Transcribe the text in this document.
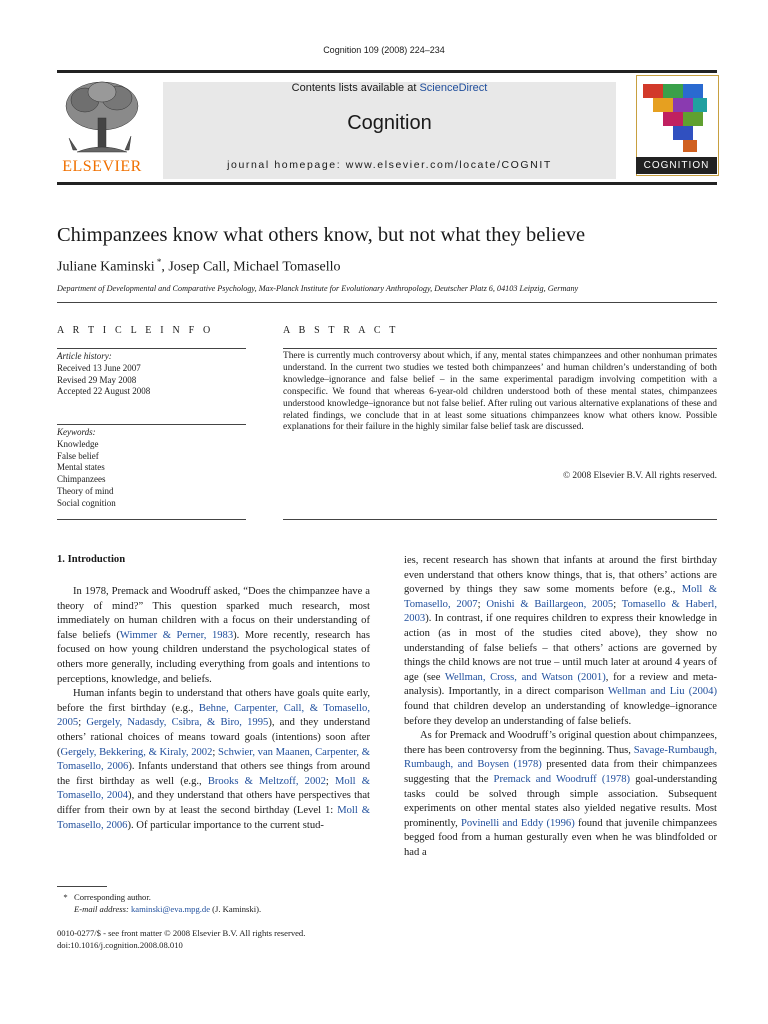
Cognition 109 (2008) 224–234
ELSEVIER
Contents lists available at ScienceDirect
Cognition
journal homepage: www.elsevier.com/locate/COGNIT	COGNITION
Chimpanzees know what others know, but not what they believe
Juliane Kaminski *, Josep Call, Michael Tomasello
Department of Developmental and Comparative Psychology, Max-Planck Institute for Evolutionary Anthropology, Deutscher Platz 6, 04103 Leipzig, Germany
A R T I C L E I N F O
Article history:
Received 13 June 2007
Revised 29 May 2008
Accepted 22 August 2008
Keywords:
Knowledge
False belief
Mental states
Chimpanzees
Theory of mind
Social cognition
A B S T R A C T
There is currently much controversy about which, if any, mental states chimpanzees and other nonhuman primates understand. In the current two studies we tested both chimpanzees’ and human children’s understanding of both knowledge–ignorance and false belief – in the same experimental paradigm involving competition with a conspecific. We found that whereas 6-year-old children understood both of these mental states, chimpanzees understood knowledge–ignorance but not false belief. After ruling out various alternative explanations of these and related findings, we conclude that in at least some situations chimpanzees know what others know. Possible explanations for their failure in the highly similar false belief task are discussed.
© 2008 Elsevier B.V. All rights reserved.
1. Introduction

In 1978, Premack and Woodruff asked, “Does the chimpanzee have a theory of mind?” This question sparked much research, most immediately on human children with a focus on their understanding of false beliefs (Wimmer & Perner, 1983). More recently, research has focused on how young children understand the psychological states of others more generally, including everything from goals and intentions to perceptions, knowledge, and beliefs.

Human infants begin to understand that others have goals quite early, before the first birthday (e.g., Behne, Carpenter, Call, & Tomasello, 2005; Gergely, Nadasdy, Csibra, & Biro, 1995), and they understand others’ rational choices of means toward goals (intentions) soon after (Gergely, Bekkering, & Kiraly, 2002; Schwier, van Maanen, Carpenter, & Tomasello, 2006). Infants understand that others see things from around the first birthday as well (e.g., Brooks & Meltzoff, 2002; Moll & Tomasello, 2004), and they understand that others have perspectives that differ from their own by at least the second birthday (Level 1: Moll & Tomasello, 2006). Of particular importance to the current stud-

ies, recent research has shown that infants at around the first birthday even understand that others know things, that is, that others’ actions are governed by things they saw some moments before (e.g., Moll & Tomasello, 2007; Onishi & Baillargeon, 2005; Tomasello & Haberl, 2003). In contrast, if one requires children to express their knowledge in action (as in most of the studies cited above), they show no understanding of false beliefs – that others’ actions are governed by things the child knows are not true – until much later at around 4 years of age (see Wellman, Cross, and Watson (2001), for a review and meta-analysis). Importantly, in a direct comparison Wellman and Liu (2004) found that children develop an understanding of knowledge–ignorance before they develop an understanding of false beliefs.

As for Premack and Woodruff’s original question about chimpanzees, there has been controversy from the beginning. Thus, Savage-Rumbaugh, Rumbaugh, and Boysen (1978) presented data from their chimpanzees suggesting that the Premack and Woodruff (1978) goal-understanding tasks could be solved through simple association. Subsequent experiments on other mental states also yielded negative results. Most prominently, Povinelli and Eddy (1996) found that juvenile chimpanzees begged food from a human gesturally even when he was blindfolded or had a

* Corresponding author.
E-mail address: kaminski@eva.mpg.de (J. Kaminski).
0010-0277/$ - see front matter © 2008 Elsevier B.V. All rights reserved.
doi:10.1016/j.cognition.2008.08.010
